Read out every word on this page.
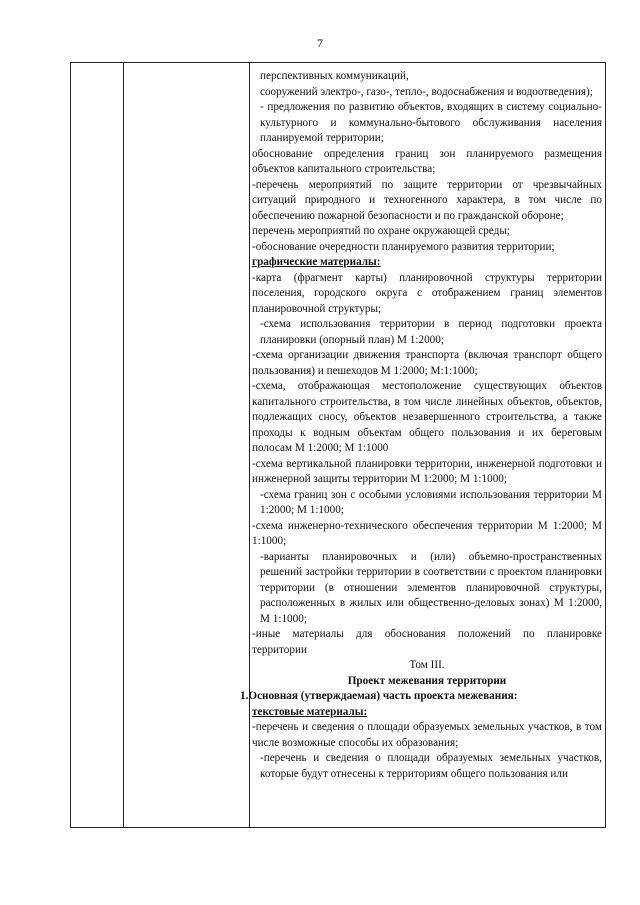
7

перспективных коммуникаций,

сооружений электро-, газо-, тепло-, водоснабжения и водоотведения);

- предложения по развитию объектов, входящих в систему социально-культурного и коммунально-бытового обслуживания населения планируемой территории;

обоснование определения границ зон планируемого размещения объектов капитального строительства;

-перечень мероприятий по защите территории от чрезвычайных ситуаций природного и техногенного характера, в том числе по обеспечению пожарной безопасности и по гражданской обороне;

перечень мероприятий по охране окружающей среды;

-обоснование очередности планируемого развития территории;

графические материалы:

-карта (фрагмент карты) планировочной структуры территории поселения, городского округа с отображением границ элементов планировочной структуры;

-схема использования территории в период подготовки проекта планировки (опорный план) М 1:2000;

-схема организации движения транспорта (включая транспорт общего пользования) и пешеходов М 1:2000; М:1:1000;

-схема, отображающая местоположение существующих объектов капитального строительства, в том числе линейных объектов, объектов, подлежащих сносу, объектов незавершенного строительства, а также проходы к водным объектам общего пользования и их береговым полосам М 1:2000; М 1:1000

-схема вертикальной планировки территории, инженерной подготовки и инженерной защиты территории М 1:2000; М 1:1000;

-схема границ зон с особыми условиями использования территории М 1:2000; М 1:1000;

-схема инженерно-технического обеспечения территории М 1:2000; М 1:1000;

-варианты планировочных и (или) объемно-пространственных решений застройки территории в соответствии с проектом планировки территории (в отношении элементов планировочной структуры, расположенных в жилых или общественно-деловых зонах) М 1:2000, М 1:1000;

-иные материалы для обоснования положений по планировке территории

Том III.

Проект межевания территории

1.Основная (утверждаемая) часть проекта межевания:

текстовые материалы:

-перечень и сведения о площади образуемых земельных участков, в том числе возможные способы их образования;

-перечень и сведения о площади образуемых земельных участков, которые будут отнесены к территориям общего пользования или
